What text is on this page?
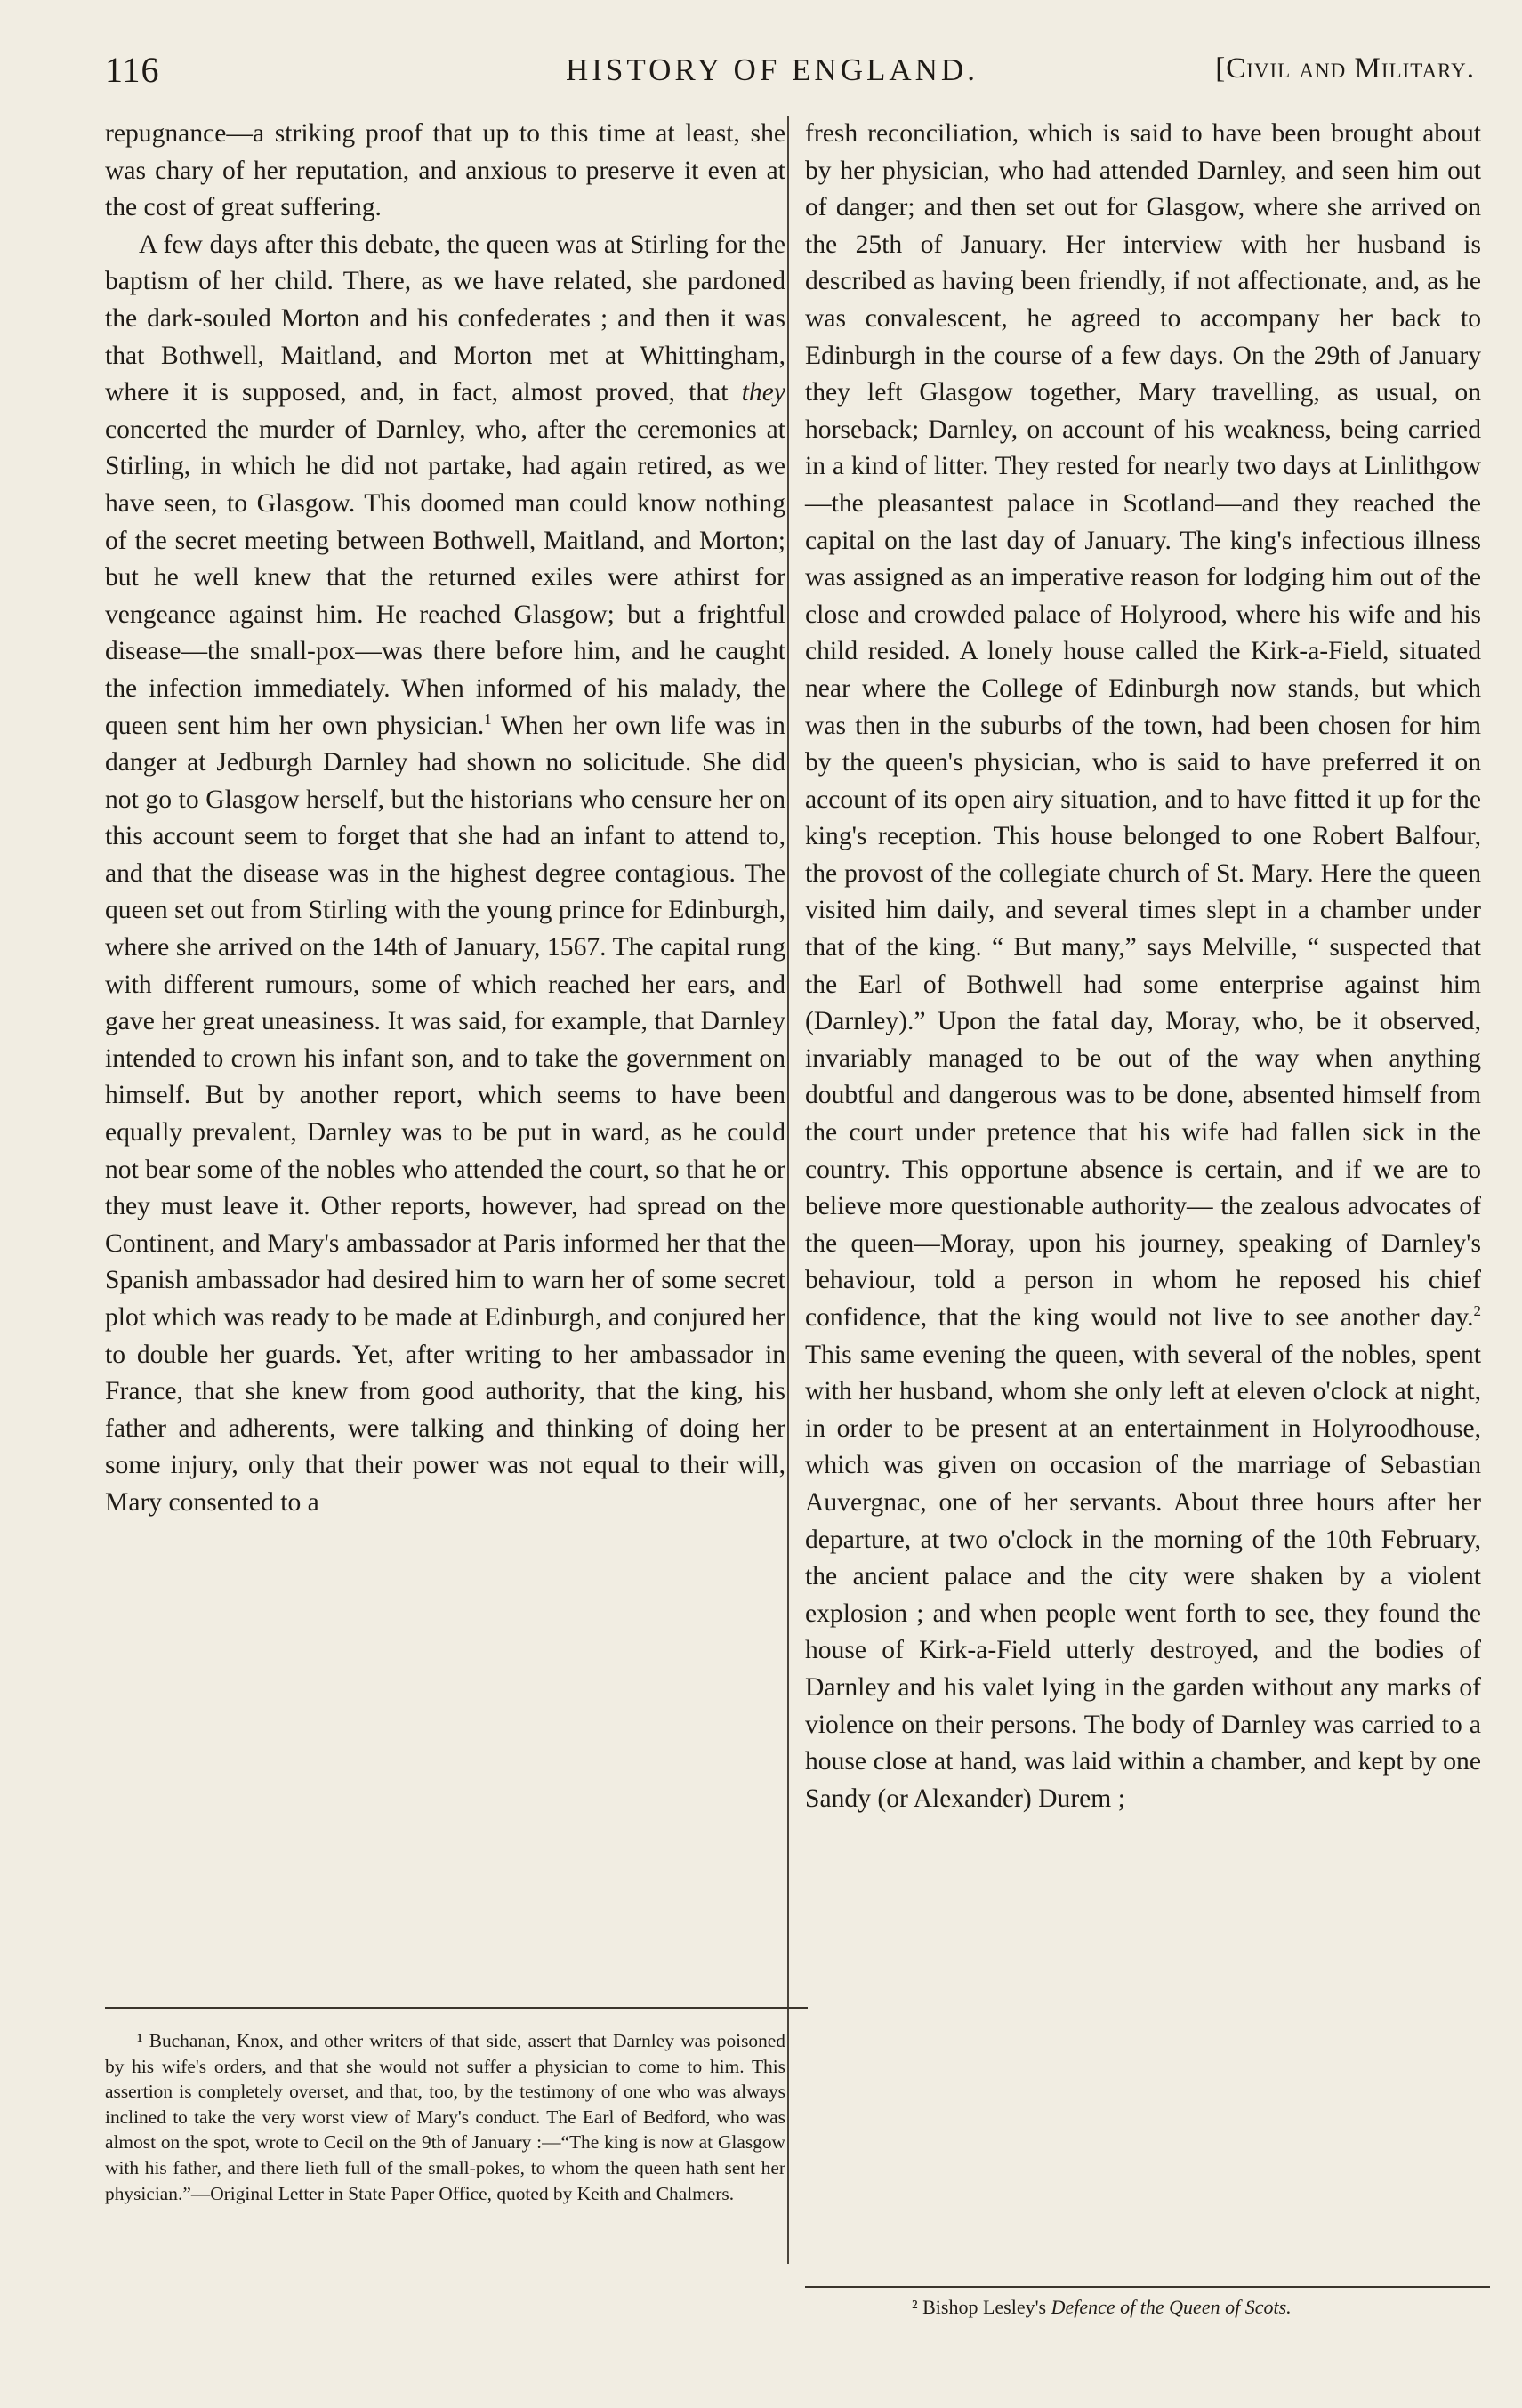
116	HISTORY OF ENGLAND.	[Civil and Military.

repugnance—a striking proof that up to this time at least, she was chary of her reputation, and anxious to preserve it even at the cost of great suffering.

A few days after this debate, the queen was at Stirling for the baptism of her child. There, as we have related, she pardoned the dark-souled Morton and his confederates ; and then it was that Bothwell, Maitland, and Morton met at Whittingham, where it is supposed, and, in fact, almost proved, that they concerted the murder of Darnley, who, after the ceremonies at Stirling, in which he did not partake, had again retired, as we have seen, to Glasgow. This doomed man could know nothing of the secret meeting between Bothwell, Maitland, and Morton; but he well knew that the returned exiles were athirst for vengeance against him. He reached Glasgow; but a frightful disease—the small-pox—was there before him, and he caught the infection immediately. When informed of his malady, the queen sent him her own physician.$^1$ When her own life was in danger at Jedburgh Darnley had shown no solicitude. She did not go to Glasgow herself, but the historians who censure her on this account seem to forget that she had an infant to attend to, and that the disease was in the highest degree contagious. The queen set out from Stirling with the young prince for Edinburgh, where she arrived on the 14th of January, 1567. The capital rung with different rumours, some of which reached her ears, and gave her great uneasiness. It was said, for example, that Darnley intended to crown his infant son, and to take the government on himself. But by another report, which seems to have been equally prevalent, Darnley was to be put in ward, as he could not bear some of the nobles who attended the court, so that he or they must leave it. Other reports, however, had spread on the Continent, and Mary's ambassador at Paris informed her that the Spanish ambassador had desired him to warn her of some secret plot which was ready to be made at Edinburgh, and conjured her to double her guards. Yet, after writing to her ambassador in France, that she knew from good authority, that the king, his father and adherents, were talking and thinking of doing her some injury, only that their power was not equal to their will, Mary consented to a

fresh reconciliation, which is said to have been brought about by her physician, who had attended Darnley, and seen him out of danger; and then set out for Glasgow, where she arrived on the 25th of January. Her interview with her husband is described as having been friendly, if not affectionate, and, as he was convalescent, he agreed to accompany her back to Edinburgh in the course of a few days. On the 29th of January they left Glasgow together, Mary travelling, as usual, on horseback; Darnley, on account of his weakness, being carried in a kind of litter. They rested for nearly two days at Linlithgow —the pleasantest palace in Scotland—and they reached the capital on the last day of January. The king's infectious illness was assigned as an imperative reason for lodging him out of the close and crowded palace of Holyrood, where his wife and his child resided. A lonely house called the Kirk-a-Field, situated near where the College of Edinburgh now stands, but which was then in the suburbs of the town, had been chosen for him by the queen's physician, who is said to have preferred it on account of its open airy situation, and to have fitted it up for the king's reception. This house belonged to one Robert Balfour, the provost of the collegiate church of St. Mary. Here the queen visited him daily, and several times slept in a chamber under that of the king. “ But many,” says Melville, “ suspected that the Earl of Bothwell had some enterprise against him (Darnley).” Upon the fatal day, Moray, who, be it observed, invariably managed to be out of the way when anything doubtful and dangerous was to be done, absented himself from the court under pretence that his wife had fallen sick in the country. This opportune absence is certain, and if we are to believe more questionable authority— the zealous advocates of the queen—Moray, upon his journey, speaking of Darnley's behaviour, told a person in whom he reposed his chief confidence, that the king would not live to see another day.$^2$ This same evening the queen, with several of the nobles, spent with her husband, whom she only left at eleven o'clock at night, in order to be present at an entertainment in Holyroodhouse, which was given on occasion of the marriage of Sebastian Auvergnac, one of her servants. About three hours after her departure, at two o'clock in the morning of the 10th February, the ancient palace and the city were shaken by a violent explosion ; and when people went forth to see, they found the house of Kirk-a-Field utterly destroyed, and the bodies of Darnley and his valet lying in the garden without any marks of violence on their persons. The body of Darnley was carried to a house close at hand, was laid within a chamber, and kept by one Sandy (or Alexander) Durem ;

¹ Buchanan, Knox, and other writers of that side, assert that Darnley was poisoned by his wife's orders, and that she would not suffer a physician to come to him. This assertion is completely overset, and that, too, by the testimony of one who was always inclined to take the very worst view of Mary's conduct. The Earl of Bedford, who was almost on the spot, wrote to Cecil on the 9th of January :—“The king is now at Glasgow with his father, and there lieth full of the small-pokes, to whom the queen hath sent her physician.”—Original Letter in State Paper Office, quoted by Keith and Chalmers.

² Bishop Lesley's Defence of the Queen of Scots.
